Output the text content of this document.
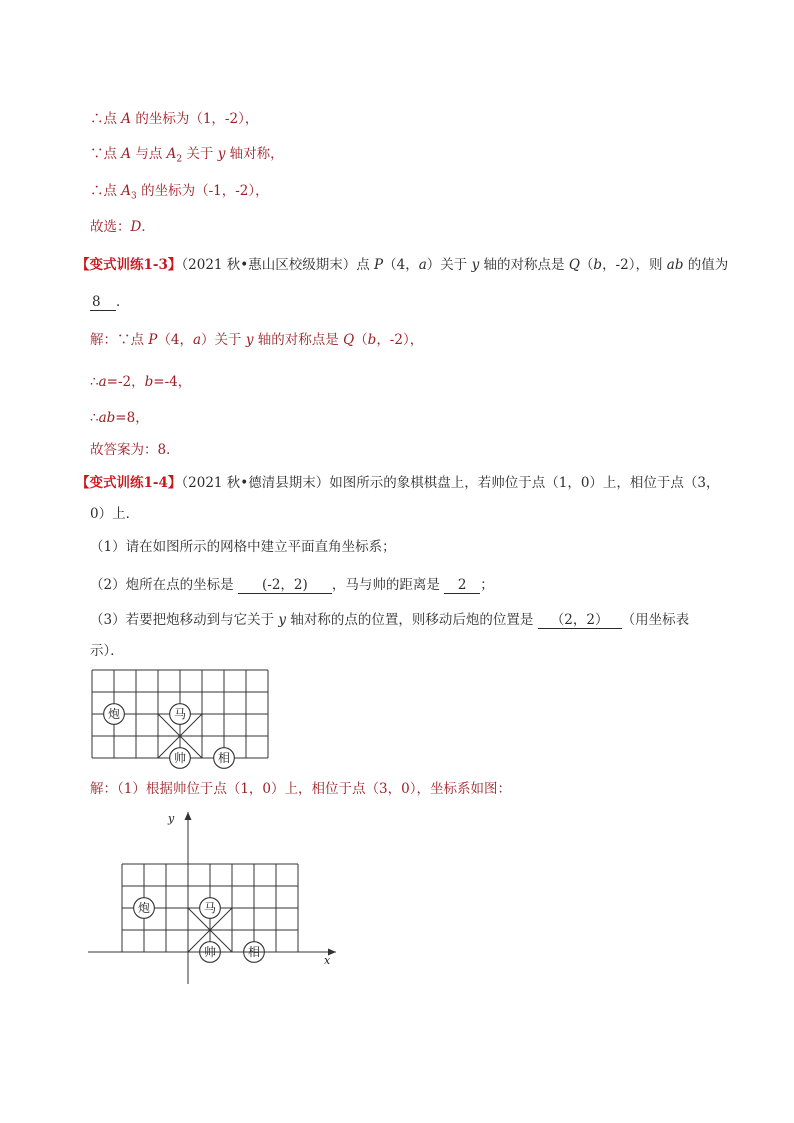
∴点 A 的坐标为（1，-2），
∵点 A 与点 $A_2$ 关于 y 轴对称，
∴点 $A_3$ 的坐标为（-1，-2），
故选：D．
【变式训练1-3】（2021 秋•惠山区校级期末）点 P（4，a）关于 y 轴的对称点是 Q（b，-2），则 ab 的值为
8 ．
解：∵点 P（4，a）关于 y 轴的对称点是 Q（b，-2），
∴a=-2，b=-4，
∴ab=8，
故答案为：8．
【变式训练1-4】（2021 秋•德清县期末）如图所示的象棋棋盘上，若帅位于点（1，0）上，相位于点（3，
0）上．
（1）请在如图所示的网格中建立平面直角坐标系；
（2）炮所在点的坐标是 (-2，2) ，马与帅的距离是 2 ；
（3）若要把炮移动到与它关于 y 轴对称的点的位置，则移动后炮的位置是 （2，2） （用坐标表
示）．
炮	马
帅	相
解：（1）根据帅位于点（1，0）上，相位于点（3，0），坐标系如图：
炮	马
帅	相
x
y
